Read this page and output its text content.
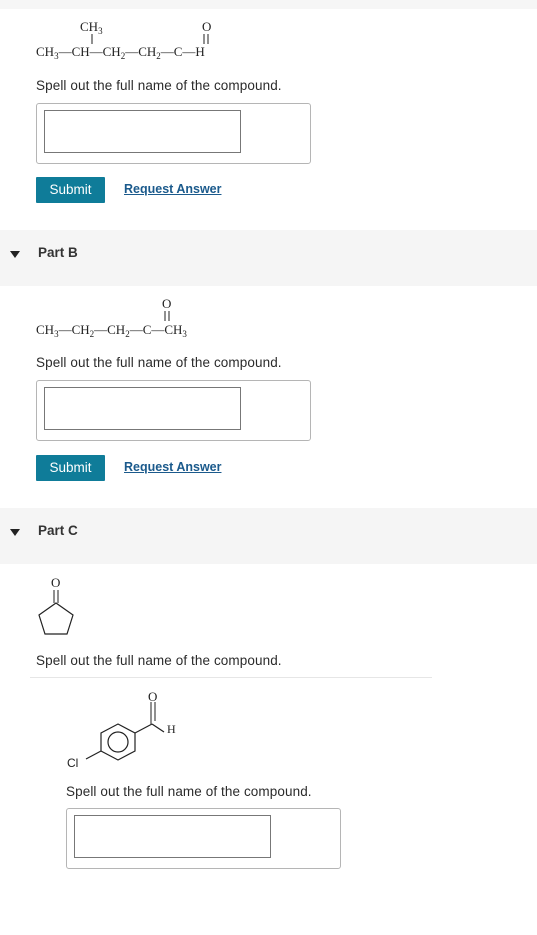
$CH_3$	O
$CH_3—CH—CH_2—CH_2—C—H$
Spell out the full name of the compound.
Submit	Request Answer
Part B
O
$CH_3—CH_2—CH_2—C—CH_3$
Spell out the full name of the compound.
Submit	Request Answer
Part C
O
Spell out the full name of the compound.
O
H
Cl
Spell out the full name of the compound.
